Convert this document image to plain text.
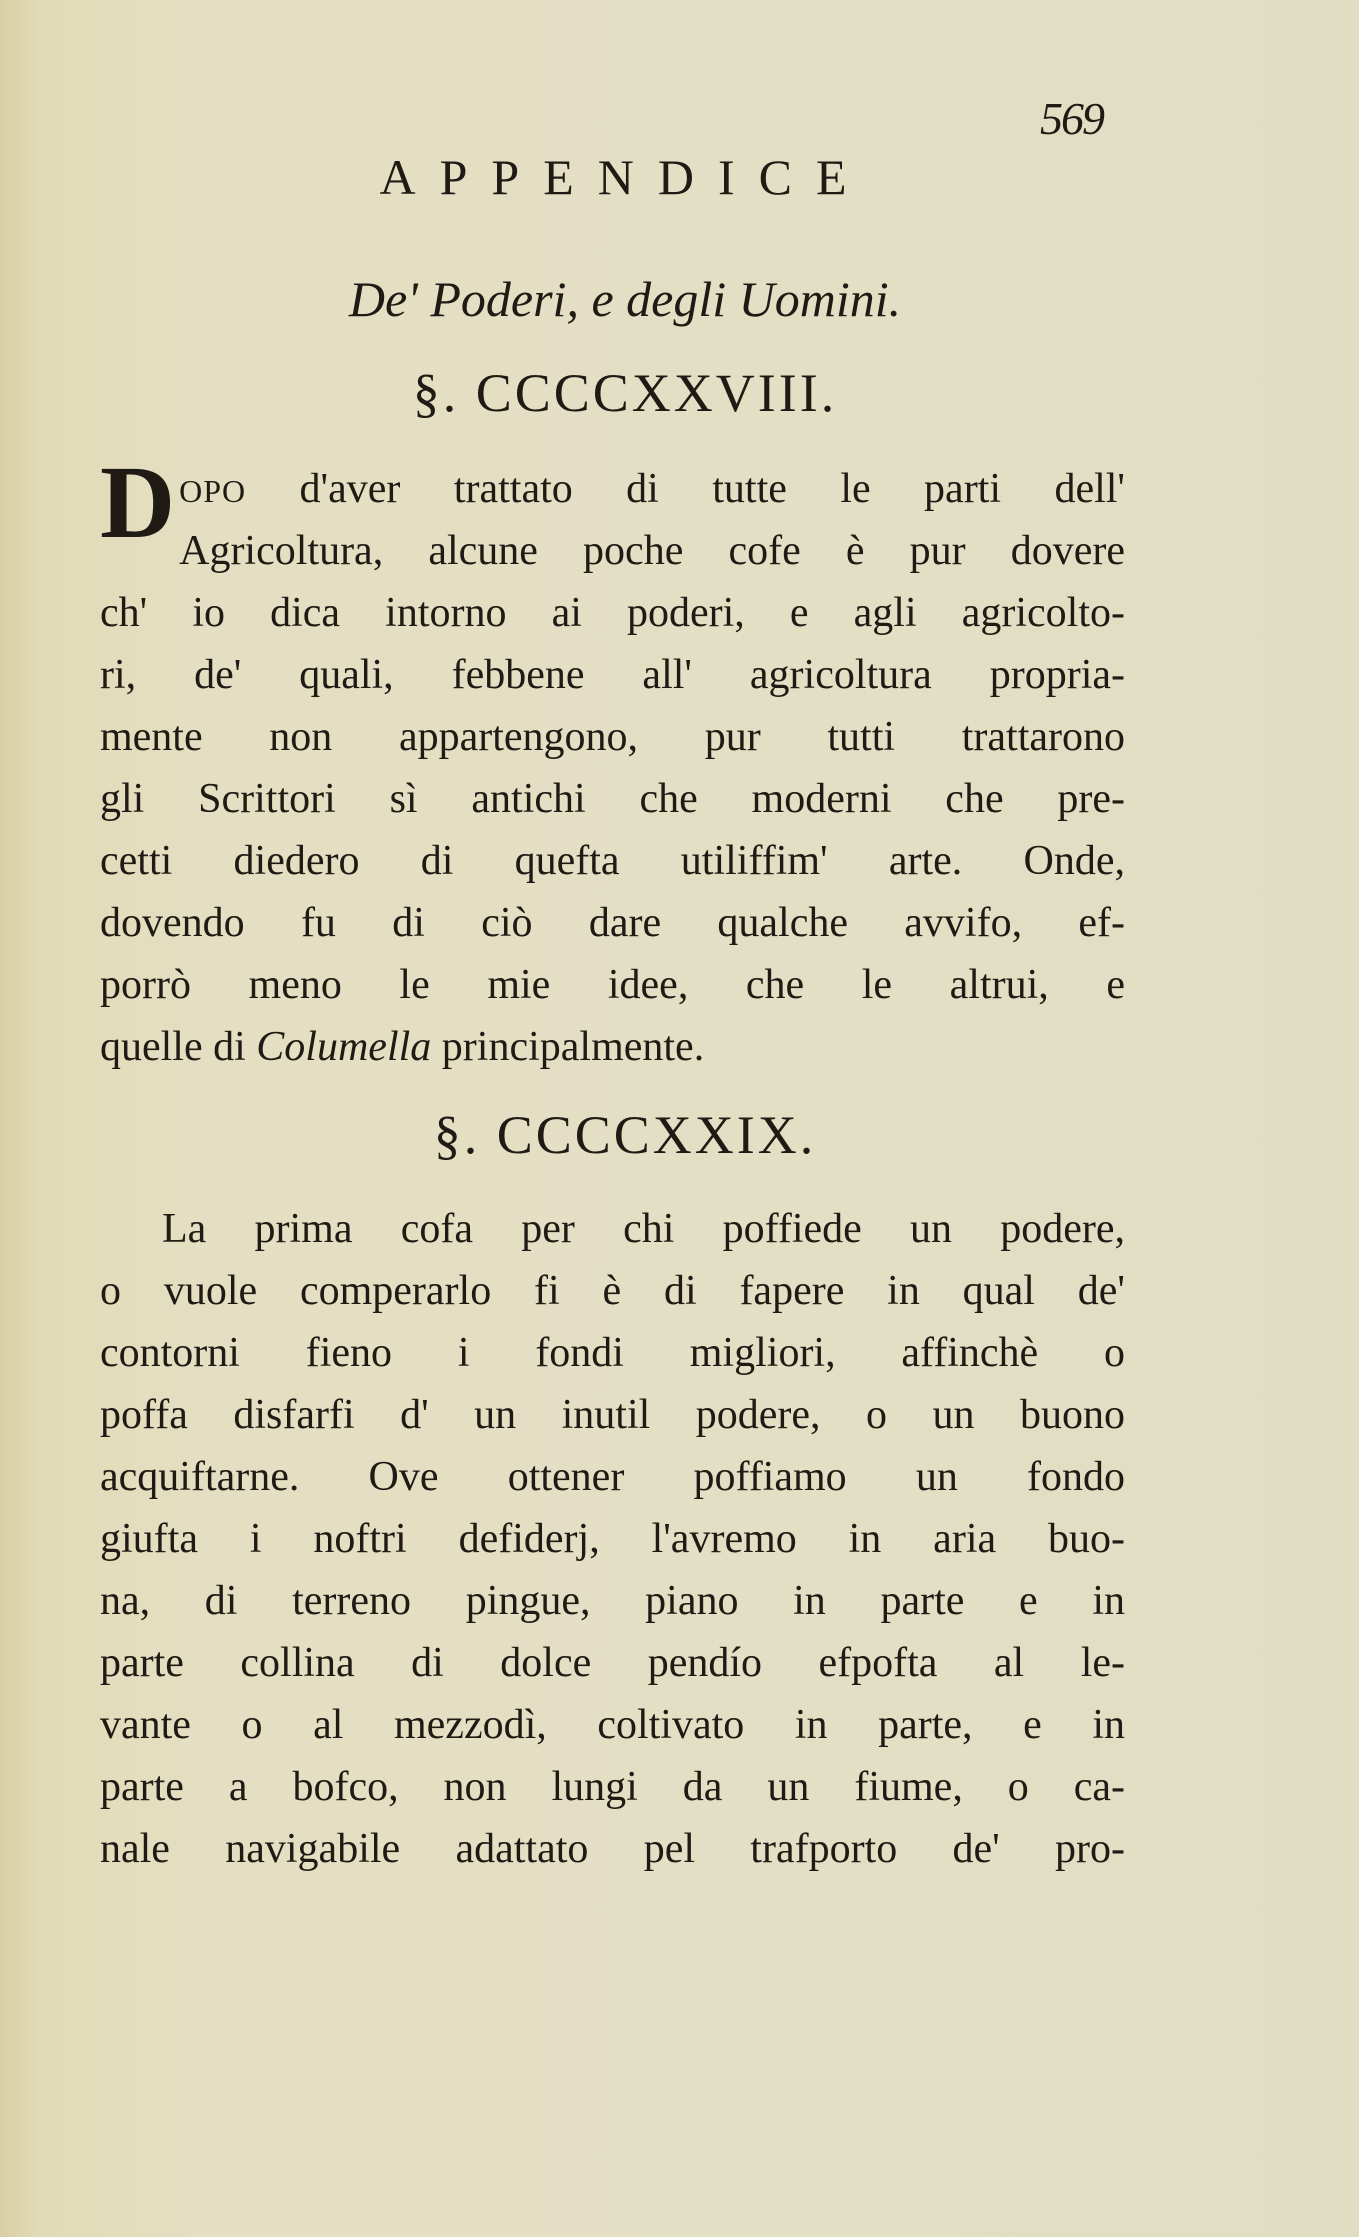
569
APPENDICE
De' Poderi, e degli Uomini.
§. CCCCXXVIII.
DOPO d'aver trattato di tutte le parti dell'
Agricoltura, alcune poche cofe è pur dovere
ch' io dica intorno ai poderi, e agli agricolto-
ri, de' quali, febbene all' agricoltura propria-
mente non appartengono, pur tutti trattarono
gli Scrittori sì antichi che moderni che pre-
cetti diedero di quefta utiliffim' arte. Onde,
dovendo fu di ciò dare qualche avvifo, ef-
porrò meno le mie idee, che le altrui, e
quelle di Columella principalmente.
§. CCCCXXIX.
La prima cofa per chi poffiede un podere,
o vuole comperarlo fi è di fapere in qual de'
contorni fieno i fondi migliori, affinchè o
poffa disfarfi d' un inutil podere, o un buono
acquiftarne. Ove ottener poffiamo un fondo
giufta i noftri defiderj, l'avremo in aria buo-
na, di terreno pingue, piano in parte e in
parte collina di dolce pendío efpofta al le-
vante o al mezzodì, coltivato in parte, e in
parte a bofco, non lungi da un fiume, o ca-
nale navigabile adattato pel trafporto de' pro-
